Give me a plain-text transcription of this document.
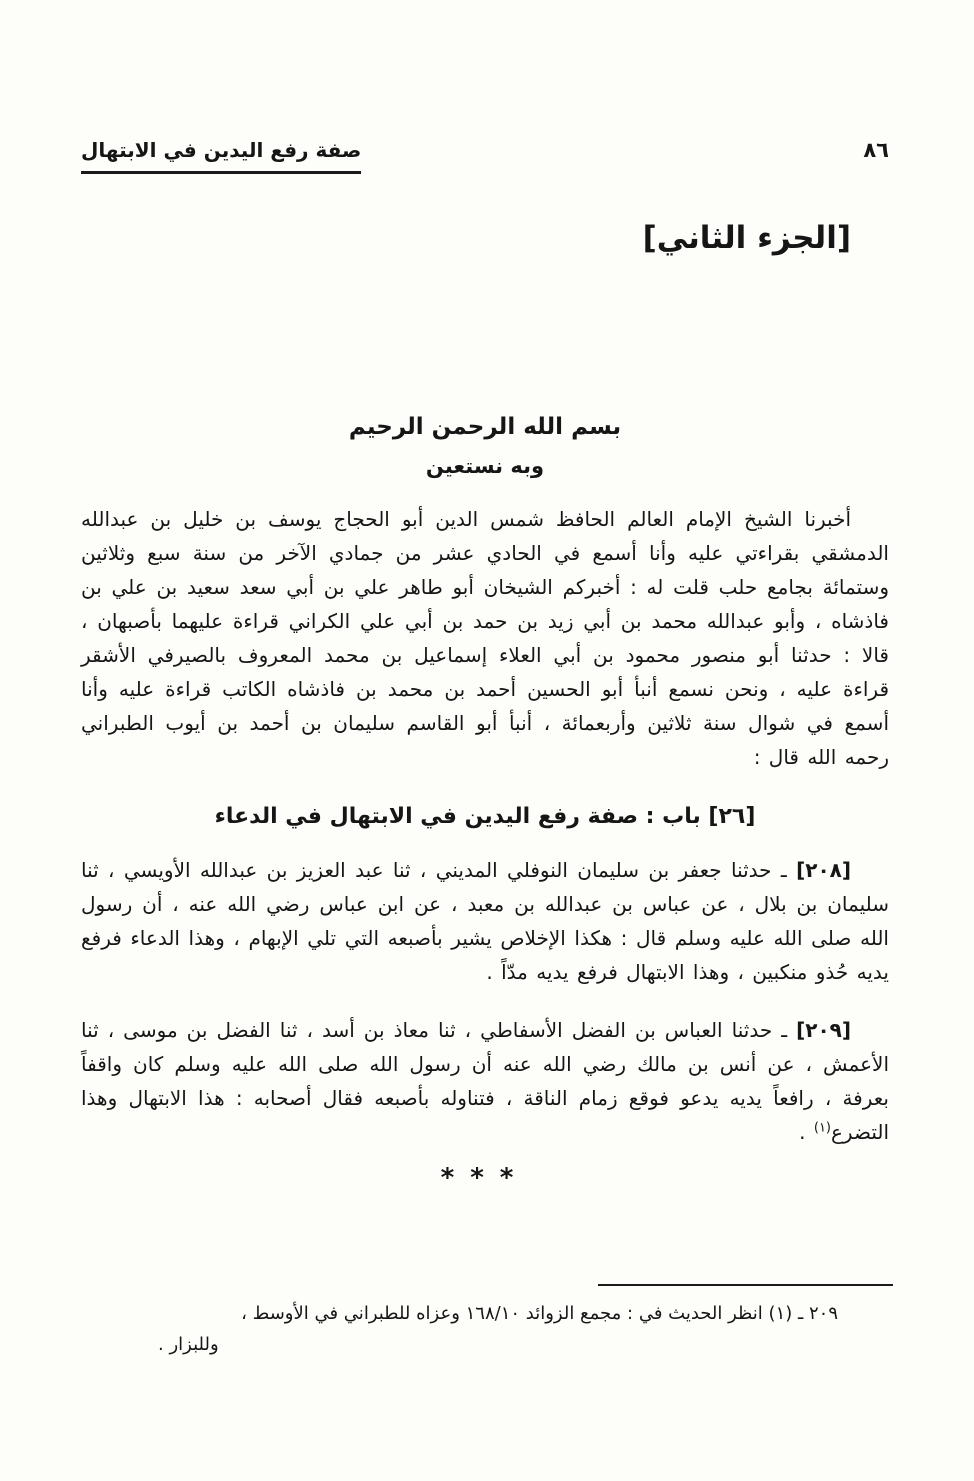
٨٦
صفة رفع اليدين في الابتهال
[الجزء الثاني]
بسم الله الرحمن الرحيم
وبه نستعين

أخبرنا الشيخ الإمام العالم الحافظ شمس الدين أبو الحجاج يوسف بن خليل بن عبدالله الدمشقي بقراءتي عليه وأنا أسمع في الحادي عشر من جمادي الآخر من سنة سبع وثلاثين وستمائة بجامع حلب قلت له : أخبركم الشيخان أبو طاهر علي بن أبي سعد سعيد بن علي بن فاذشاه ، وأبو عبدالله محمد بن أبي زيد بن حمد بن أبي علي الكراني قراءة عليهما بأصبهان ، قالا : حدثنا أبو منصور محمود بن أبي العلاء إسماعيل بن محمد المعروف بالصيرفي الأشقر قراءة عليه ، ونحن نسمع أنبأ أبو الحسين أحمد بن محمد بن فاذشاه الكاتب قراءة عليه وأنا أسمع في شوال سنة ثلاثين وأربعمائة ، أنبأ أبو القاسم سليمان بن أحمد بن أيوب الطبراني رحمه الله قال :

[٢٦] باب : صفة رفع اليدين في الابتهال في الدعاء

[٢٠٨] ـ حدثنا جعفر بن سليمان النوفلي المديني ، ثنا عبد العزيز بن عبدالله الأويسي ، ثنا سليمان بن بلال ، عن عباس بن عبدالله بن معبد ، عن ابن عباس رضي الله عنه ، أن رسول الله صلى الله عليه وسلم قال : هكذا الإخلاص يشير بأصبعه التي تلي الإبهام ، وهذا الدعاء فرفع يديه حُذو منكبين ، وهذا الابتهال فرفع يديه مدّاً .

[٢٠٩] ـ حدثنا العباس بن الفضل الأسفاطي ، ثنا معاذ بن أسد ، ثنا الفضل بن موسى ، ثنا الأعمش ، عن أنس بن مالك رضي الله عنه أن رسول الله صلى الله عليه وسلم كان واقفاً بعرفة ، رافعاً يديه يدعو فوقع زمام الناقة ، فتناوله بأصبعه فقال أصحابه : هذا الابتهال وهذا التضرع$^{(١)}$ .

***
٢٠٩ ـ (١) انظر الحديث في : مجمع الزوائد ١٦٨/١٠ وعزاه للطبراني في الأوسط ،
وللبزار .
